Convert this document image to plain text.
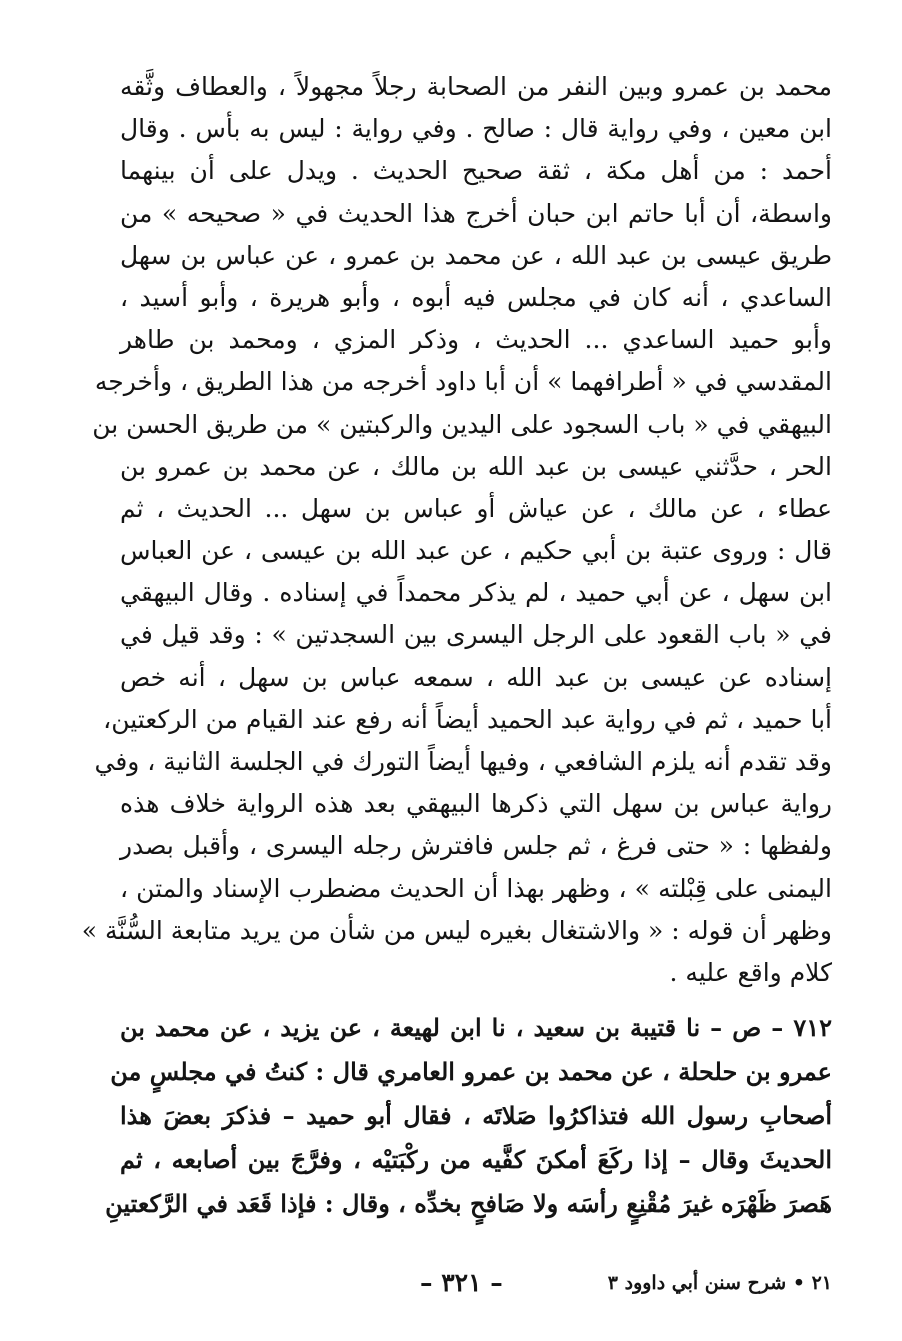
محمد بن عمرو وبين النفر من الصحابة رجلاً مجهولاً ، والعطاف وثَّقه
ابن معين ، وفي رواية قال : صالح . وفي رواية : ليس به بأس . وقال
أحمد : من أهل مكة ، ثقة صحيح الحديث . ويدل على أن بينهما
واسطة، أن أبا حاتم ابن حبان أخرج هذا الحديث في « صحيحه » من
طريق عيسى بن عبد الله ، عن محمد بن عمرو ، عن عباس بن سهل
الساعدي ، أنه كان في مجلس فيه أبوه ، وأبو هريرة ، وأبو أسيد ،
وأبو حميد الساعدي ... الحديث ، وذكر المزي ، ومحمد بن طاهر
المقدسي في « أطرافهما » أن أبا داود أخرجه من هذا الطريق ، وأخرجه
البيهقي في « باب السجود على اليدين والركبتين » من طريق الحسن بن
الحر ، حدَّثني عيسى بن عبد الله بن مالك ، عن محمد بن عمرو بن
عطاء ، عن مالك ، عن عياش أو عباس بن سهل ... الحديث ، ثم
قال : وروى عتبة بن أبي حكيم ، عن عبد الله بن عيسى ، عن العباس
ابن سهل ، عن أبي حميد ، لم يذكر محمداً في إسناده . وقال البيهقي
في « باب القعود على الرجل اليسرى بين السجدتين » : وقد قيل في
إسناده عن عيسى بن عبد الله ، سمعه عباس بن سهل ، أنه خص
أبا حميد ، ثم في رواية عبد الحميد أيضاً أنه رفع عند القيام من الركعتين،
وقد تقدم أنه يلزم الشافعي ، وفيها أيضاً التورك في الجلسة الثانية ، وفي
رواية عباس بن سهل التي ذكرها البيهقي بعد هذه الرواية خلاف هذه
ولفظها : « حتى فرغ ، ثم جلس فافترش رجله اليسرى ، وأقبل بصدر
اليمنى على قِبْلته » ، وظهر بهذا أن الحديث مضطرب الإسناد والمتن ،
وظهر أن قوله : « والاشتغال بغيره ليس من شأن من يريد متابعة السُّنَّة »
كلام واقع عليه .
٧١٢ – ص – نا قتيبة بن سعيد ، نا ابن لهيعة ، عن يزيد ، عن محمد بن
عمرو بن حلحلة ، عن محمد بن عمرو العامري قال : كنتُ في مجلسٍ من
أصحابِ رسول الله فتذاكرُوا صَلاتَه ، فقال أبو حميد – فذكرَ بعضَ هذا
الحديثَ وقال – إذا ركَعَ أمكنَ كفَّيه من ركْبَتيْه ، وفرَّجَ بين أصابعه ، ثم
هَصرَ ظَهْرَه غيرَ مُقْنِعٍ رأسَه ولا صَافحٍ بخدِّه ، وقال : فإذا قَعَد في الرَّكعتينِ
٢١ • شرح سنن أبي داوود ٣
– ٣٢١ –
